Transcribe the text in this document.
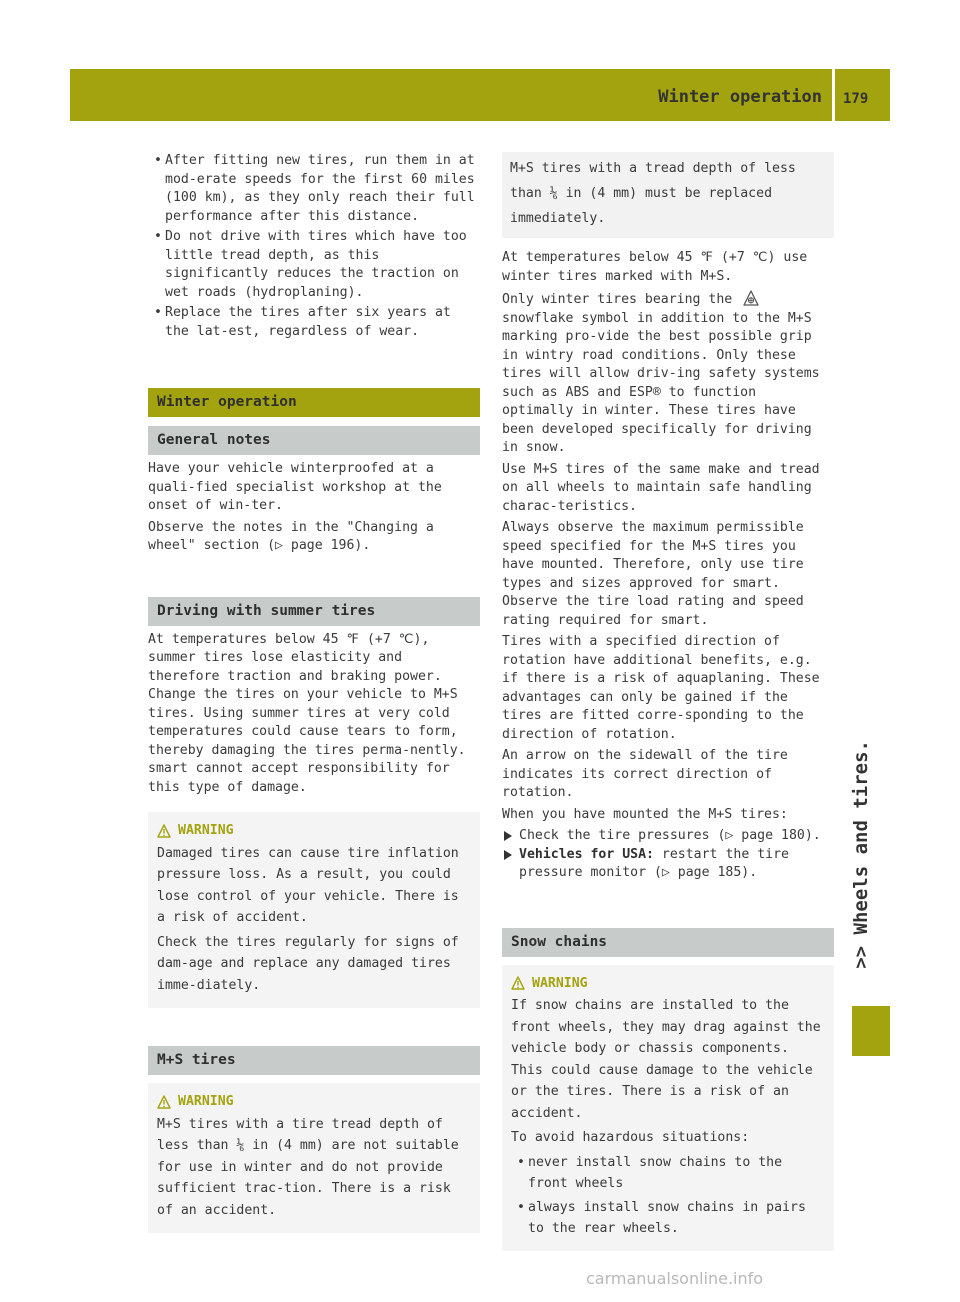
Winter operation 179
>> Wheels and tires.
• After fitting new tires, run them in at mod-erate speeds for the first 60 miles (100 km), as they only reach their full performance after this distance.
• Do not drive with tires which have too little tread depth, as this significantly reduces the traction on wet roads (hydroplaning).
• Replace the tires after six years at the lat-est, regardless of wear.
Winter operation
General notes

Have your vehicle winterproofed at a quali-fied specialist workshop at the onset of win-ter.

Observe the notes in the "Changing a wheel" section (▷ page 196).

Driving with summer tires

At temperatures below 45 ℉ (+7 ℃), summer tires lose elasticity and therefore traction and braking power. Change the tires on your vehicle to M+S tires. Using summer tires at very cold temperatures could cause tears to form, thereby damaging the tires perma-nently. smart cannot accept responsibility for this type of damage.

WARNING

Damaged tires can cause tire inflation pressure loss. As a result, you could lose control of your vehicle. There is a risk of accident.

Check the tires regularly for signs of dam-age and replace any damaged tires imme-diately.

M+S tires
WARNING

M+S tires with a tire tread depth of less than ⅙ in (4 mm) are not suitable for use in winter and do not provide sufficient trac-tion. There is a risk of an accident.

M+S tires with a tread depth of less than ⅙ in (4 mm) must be replaced immediately.

At temperatures below 45 ℉ (+7 ℃) use winter tires marked with M+S.

Only winter tires bearing thesnowflake symbol in addition to the M+S marking pro-vide the best possible grip in wintry road conditions. Only these tires will allow driv-ing safety systems such as ABS and ESP® to function optimally in winter. These tires have been developed specifically for driving in snow.

Use M+S tires of the same make and tread on all wheels to maintain safe handling charac-teristics.

Always observe the maximum permissible speed specified for the M+S tires you have mounted. Therefore, only use tire types and sizes approved for smart. Observe the tire load rating and speed rating required for smart.

Tires with a specified direction of rotation have additional benefits, e.g. if there is a risk of aquaplaning. These advantages can only be gained if the tires are fitted corre-sponding to the direction of rotation.

An arrow on the sidewall of the tire indicates its correct direction of rotation.

When you have mounted the M+S tires:

Check the tire pressures (▷ page 180).
Vehicles for USA: restart the tire pressure monitor (▷ page 185).
Snow chains
WARNING

If snow chains are installed to the front wheels, they may drag against the vehicle body or chassis components. This could cause damage to the vehicle or the tires. There is a risk of an accident.

To avoid hazardous situations:

• never install snow chains to the front wheels
• always install snow chains in pairs to the rear wheels.
carmanualsonline.info
